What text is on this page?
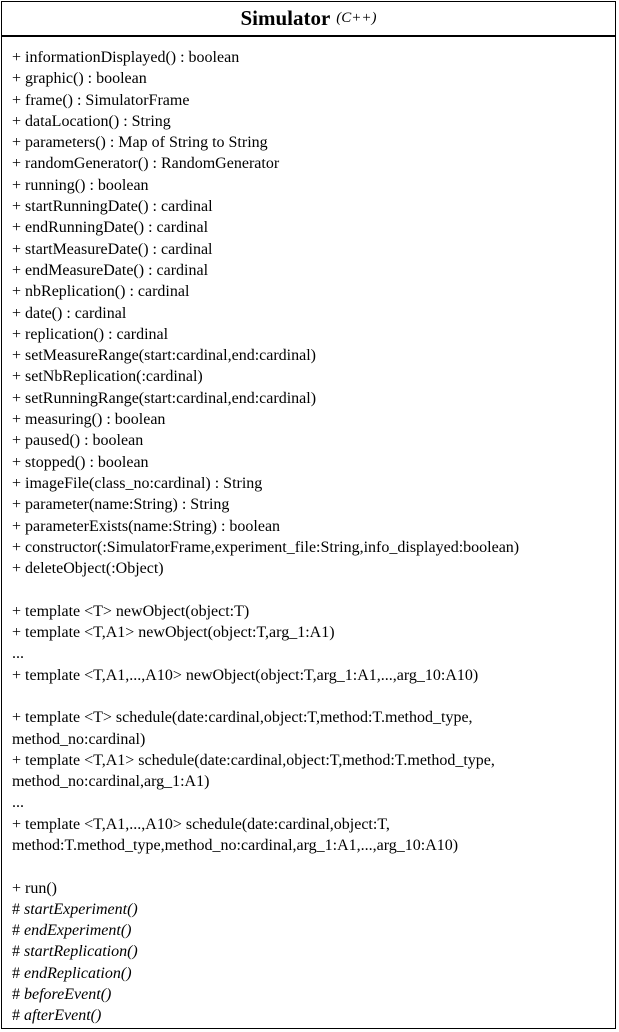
Simulator (C++)
+ informationDisplayed() : boolean
+ graphic() : boolean
+ frame() : SimulatorFrame
+ dataLocation() : String
+ parameters() : Map of String to String
+ randomGenerator() : RandomGenerator
+ running() : boolean
+ startRunningDate() : cardinal
+ endRunningDate() : cardinal
+ startMeasureDate() : cardinal
+ endMeasureDate() : cardinal
+ nbReplication() : cardinal
+ date() : cardinal
+ replication() : cardinal
+ setMeasureRange(start:cardinal,end:cardinal)
+ setNbReplication(:cardinal)
+ setRunningRange(start:cardinal,end:cardinal)
+ measuring() : boolean
+ paused() : boolean
+ stopped() : boolean
+ imageFile(class_no:cardinal) : String
+ parameter(name:String) : String
+ parameterExists(name:String) : boolean
+ constructor(:SimulatorFrame,experiment_file:String,info_displayed:boolean)
+ deleteObject(:Object)
+ template <T> newObject(object:T)
+ template <T,A1> newObject(object:T,arg_1:A1)
...
+ template <T,A1,...,A10> newObject(object:T,arg_1:A1,...,arg_10:A10)
+ template <T> schedule(date:cardinal,object:T,method:T.method_type,
method_no:cardinal)
+ template <T,A1> schedule(date:cardinal,object:T,method:T.method_type,
method_no:cardinal,arg_1:A1)
...
+ template <T,A1,...,A10> schedule(date:cardinal,object:T,
method:T.method_type,method_no:cardinal,arg_1:A1,...,arg_10:A10)
+ run()
# startExperiment()
# endExperiment()
# startReplication()
# endReplication()
# beforeEvent()
# afterEvent()
